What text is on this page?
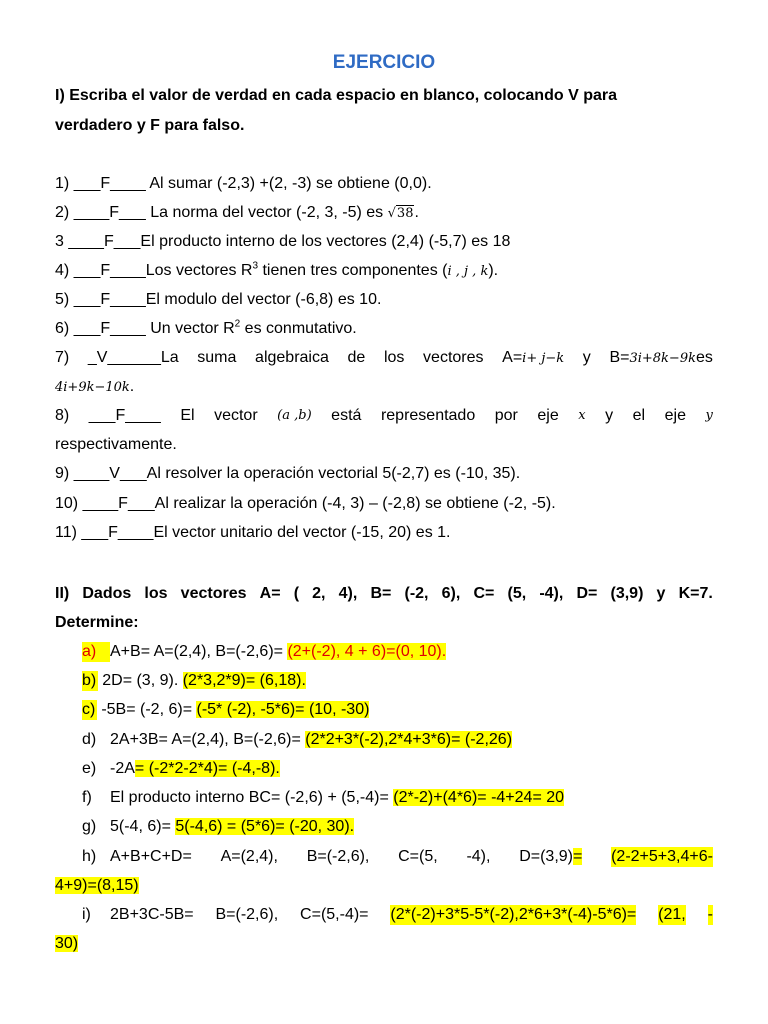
EJERCICIO
I) Escriba el valor de verdad en cada espacio en blanco, colocando V para
verdadero y F para falso.
1) ___F____ Al sumar (-2,3) +(2, -3) se obtiene (0,0).
2) ____F___ La norma del vector (-2, 3, -5) es √38.
3 ____F___El producto interno de los vectores (2,4) (-5,7) es 18
4) ___F____Los vectores $R^3$ tienen tres componentes (i , j , k).
5) ___F____El modulo del vector (-6,8) es 10.
6) ___F____ Un vector $R^2$ es conmutativo.
7) _V______La suma algebraica de los vectores A=i+ j−k y B=3i+8k−9kes
4i+9k−10k.
8) ___F____ El vector (a ,b) está representado por eje x y el eje y
respectivamente.
9) ____V___Al resolver la operación vectorial 5(-2,7) es (-10, 35).
10) ____F___Al realizar la operación (-4, 3) – (-2,8) se obtiene (-2, -5).
11) ___F____El vector unitario del vector (-15, 20) es 1.
II) Dados los vectores A= ( 2, 4), B= (-2, 6), C= (5, -4), D= (3,9) y K=7.
Determine:
a) A+B= A=(2,4), B=(-2,6)= (2+(-2), 4 + 6)=(0, 10).
b) 2D= (3, 9). (2*3,2*9)= (6,18).
c) -5B= (-2, 6)= (-5* (-2), -5*6)= (10, -30)
d) 2A+3B= A=(2,4), B=(-2,6)= (2*2+3*(-2),2*4+3*6)= (-2,26)
e) -2A= (-2*2-2*4)= (-4,-8).
f) El producto interno BC= (-2,6) + (5,-4)= (2*-2)+(4*6)= -4+24= 20
g) 5(-4, 6)= 5(-4,6) = (5*6)= (-20, 30).
h) A+B+C+D= A=(2,4), B=(-2,6), C=(5, -4), D=(3,9)= (2-2+5+3,4+6-
4+9)=(8,15)
i) 2B+3C-5B= B=(-2,6), C=(5,-4)= (2*(-2)+3*5-5*(-2),2*6+3*(-4)-5*6)= (21, -
30)
